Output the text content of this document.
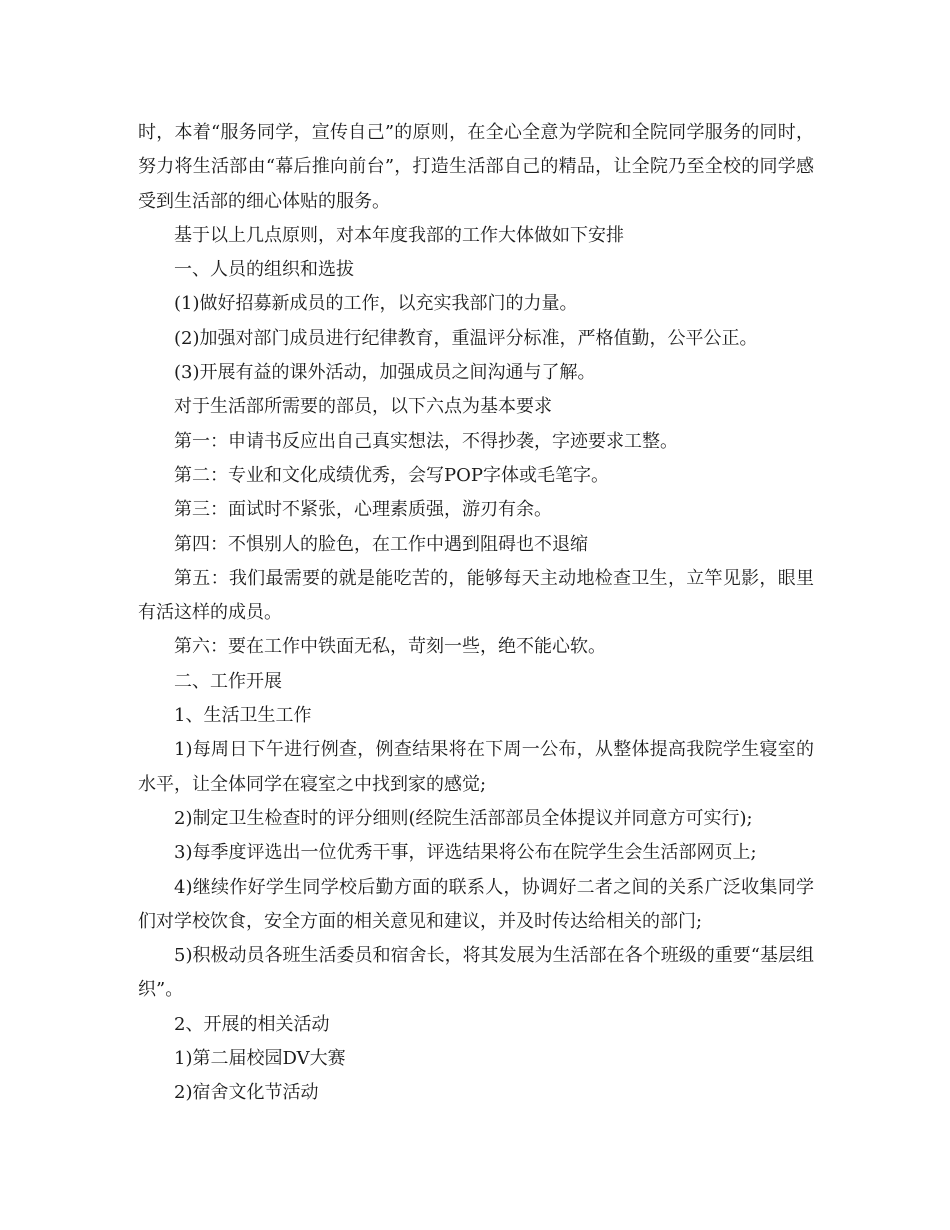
时，本着“服务同学，宣传自己”的原则，在全心全意为学院和全院同学服务的同时，努力将生活部由“幕后推向前台”，打造生活部自己的精品，让全院乃至全校的同学感受到生活部的细心体贴的服务。

基于以上几点原则，对本年度我部的工作大体做如下安排

一、人员的组织和选拔

(1)做好招募新成员的工作，以充实我部门的力量。

(2)加强对部门成员进行纪律教育，重温评分标准，严格值勤，公平公正。

(3)开展有益的课外活动，加强成员之间沟通与了解。

对于生活部所需要的部员，以下六点为基本要求

第一：申请书反应出自己真实想法，不得抄袭，字迹要求工整。

第二：专业和文化成绩优秀，会写POP字体或毛笔字。

第三：面试时不紧张，心理素质强，游刃有余。

第四：不惧别人的脸色，在工作中遇到阻碍也不退缩

第五：我们最需要的就是能吃苦的，能够每天主动地检查卫生，立竿见影，眼里有活这样的成员。

第六：要在工作中铁面无私，苛刻一些，绝不能心软。

二、工作开展

1、生活卫生工作

1)每周日下午进行例查，例查结果将在下周一公布，从整体提高我院学生寝室的水平，让全体同学在寝室之中找到家的感觉;

2)制定卫生检查时的评分细则(经院生活部部员全体提议并同意方可实行);

3)每季度评选出一位优秀干事，评选结果将公布在院学生会生活部网页上;

4)继续作好学生同学校后勤方面的联系人，协调好二者之间的关系广泛收集同学们对学校饮食，安全方面的相关意见和建议，并及时传达给相关的部门;

5)积极动员各班生活委员和宿舍长，将其发展为生活部在各个班级的重要“基层组织”。

2、开展的相关活动

1)第二届校园DV大赛

2)宿舍文化节活动
